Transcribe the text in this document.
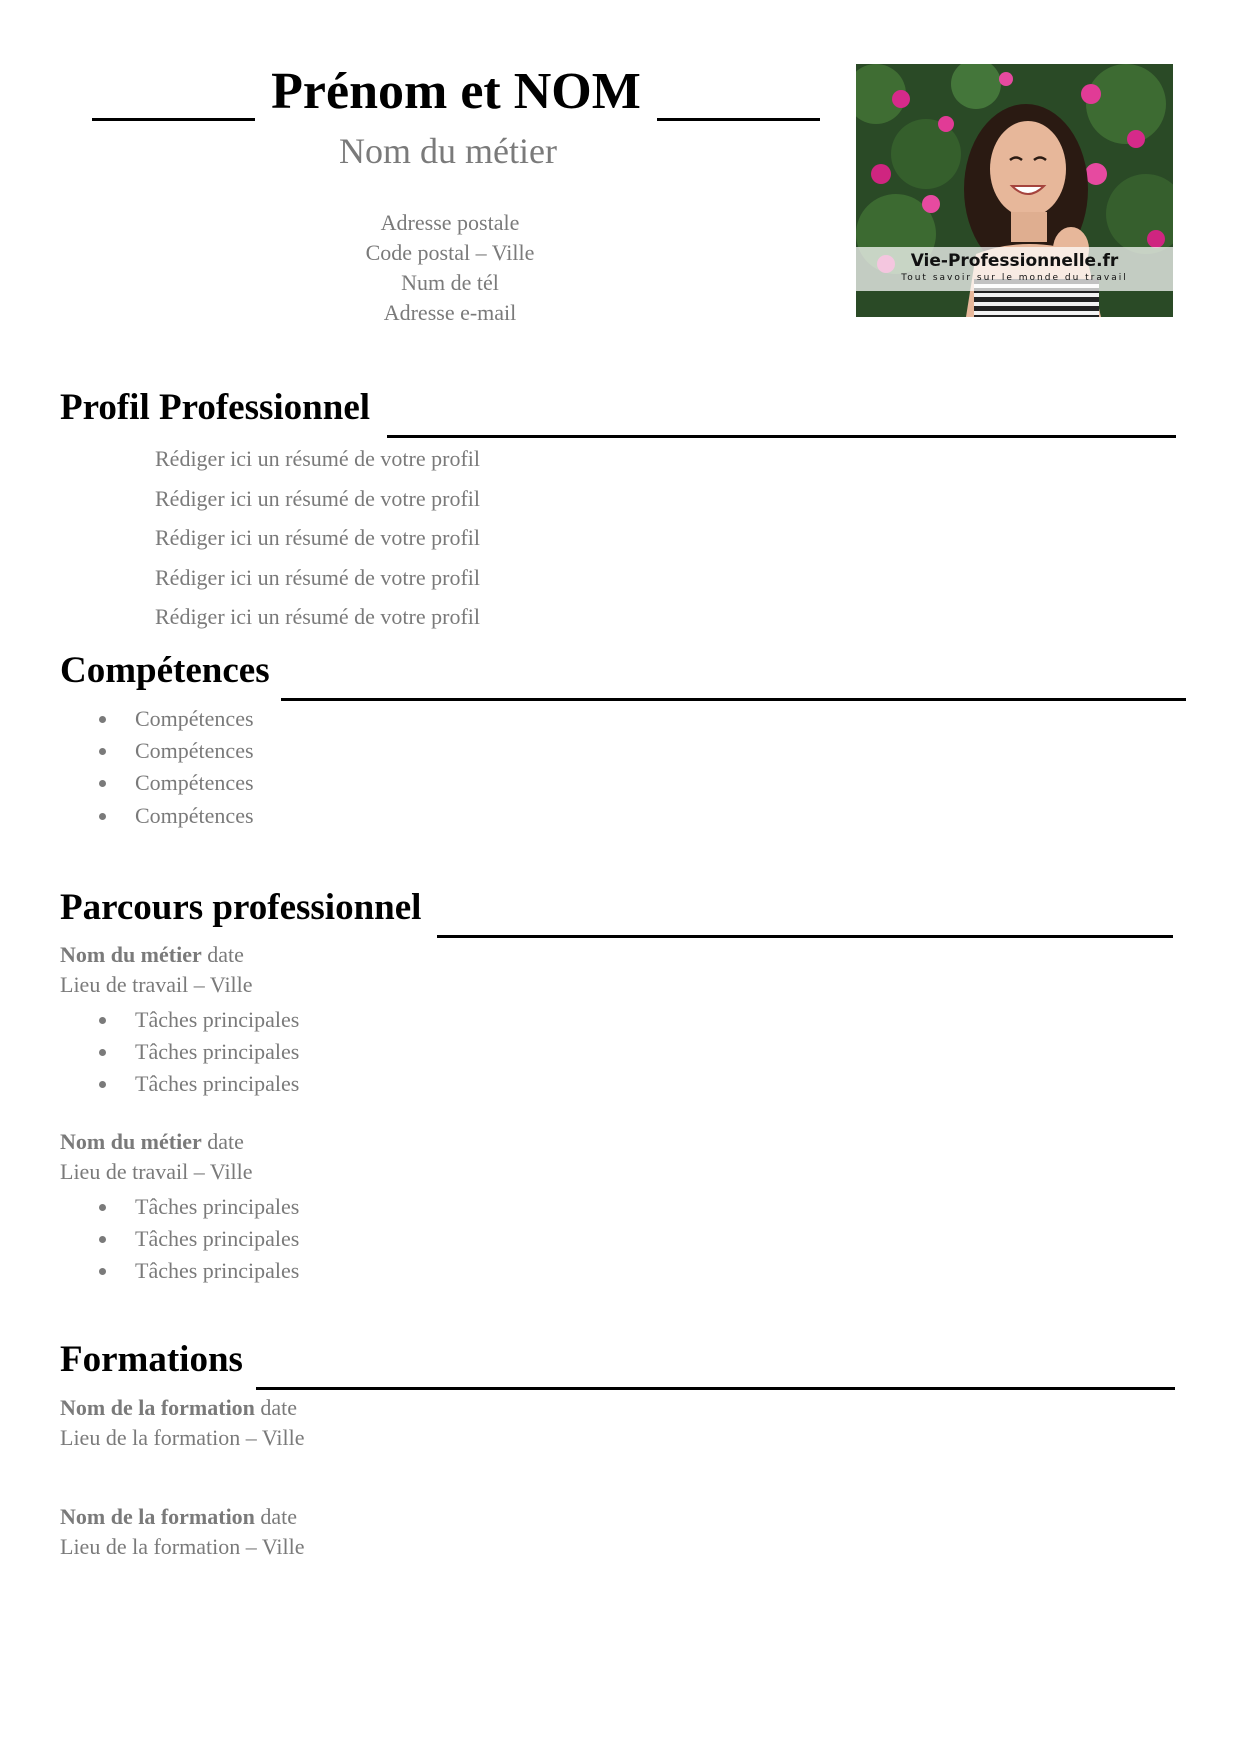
Prénom et NOM
Nom du métier
Adresse postale
Code postal – Ville
Num de tél
Adresse e-mail
Vie-Professionnelle.fr
Tout savoir sur le monde du travail
Profil Professionnel
Rédiger ici un résumé de votre profil
Rédiger ici un résumé de votre profil
Rédiger ici un résumé de votre profil
Rédiger ici un résumé de votre profil
Rédiger ici un résumé de votre profil
Compétences
Compétences
Compétences
Compétences
Compétences
Parcours professionnel
Nom du métier date
Lieu de travail – Ville
Tâches principales
Tâches principales
Tâches principales
Nom du métier date
Lieu de travail – Ville
Tâches principales
Tâches principales
Tâches principales
Formations
Nom de la formation date
Lieu de la formation – Ville
Nom de la formation date
Lieu de la formation – Ville
